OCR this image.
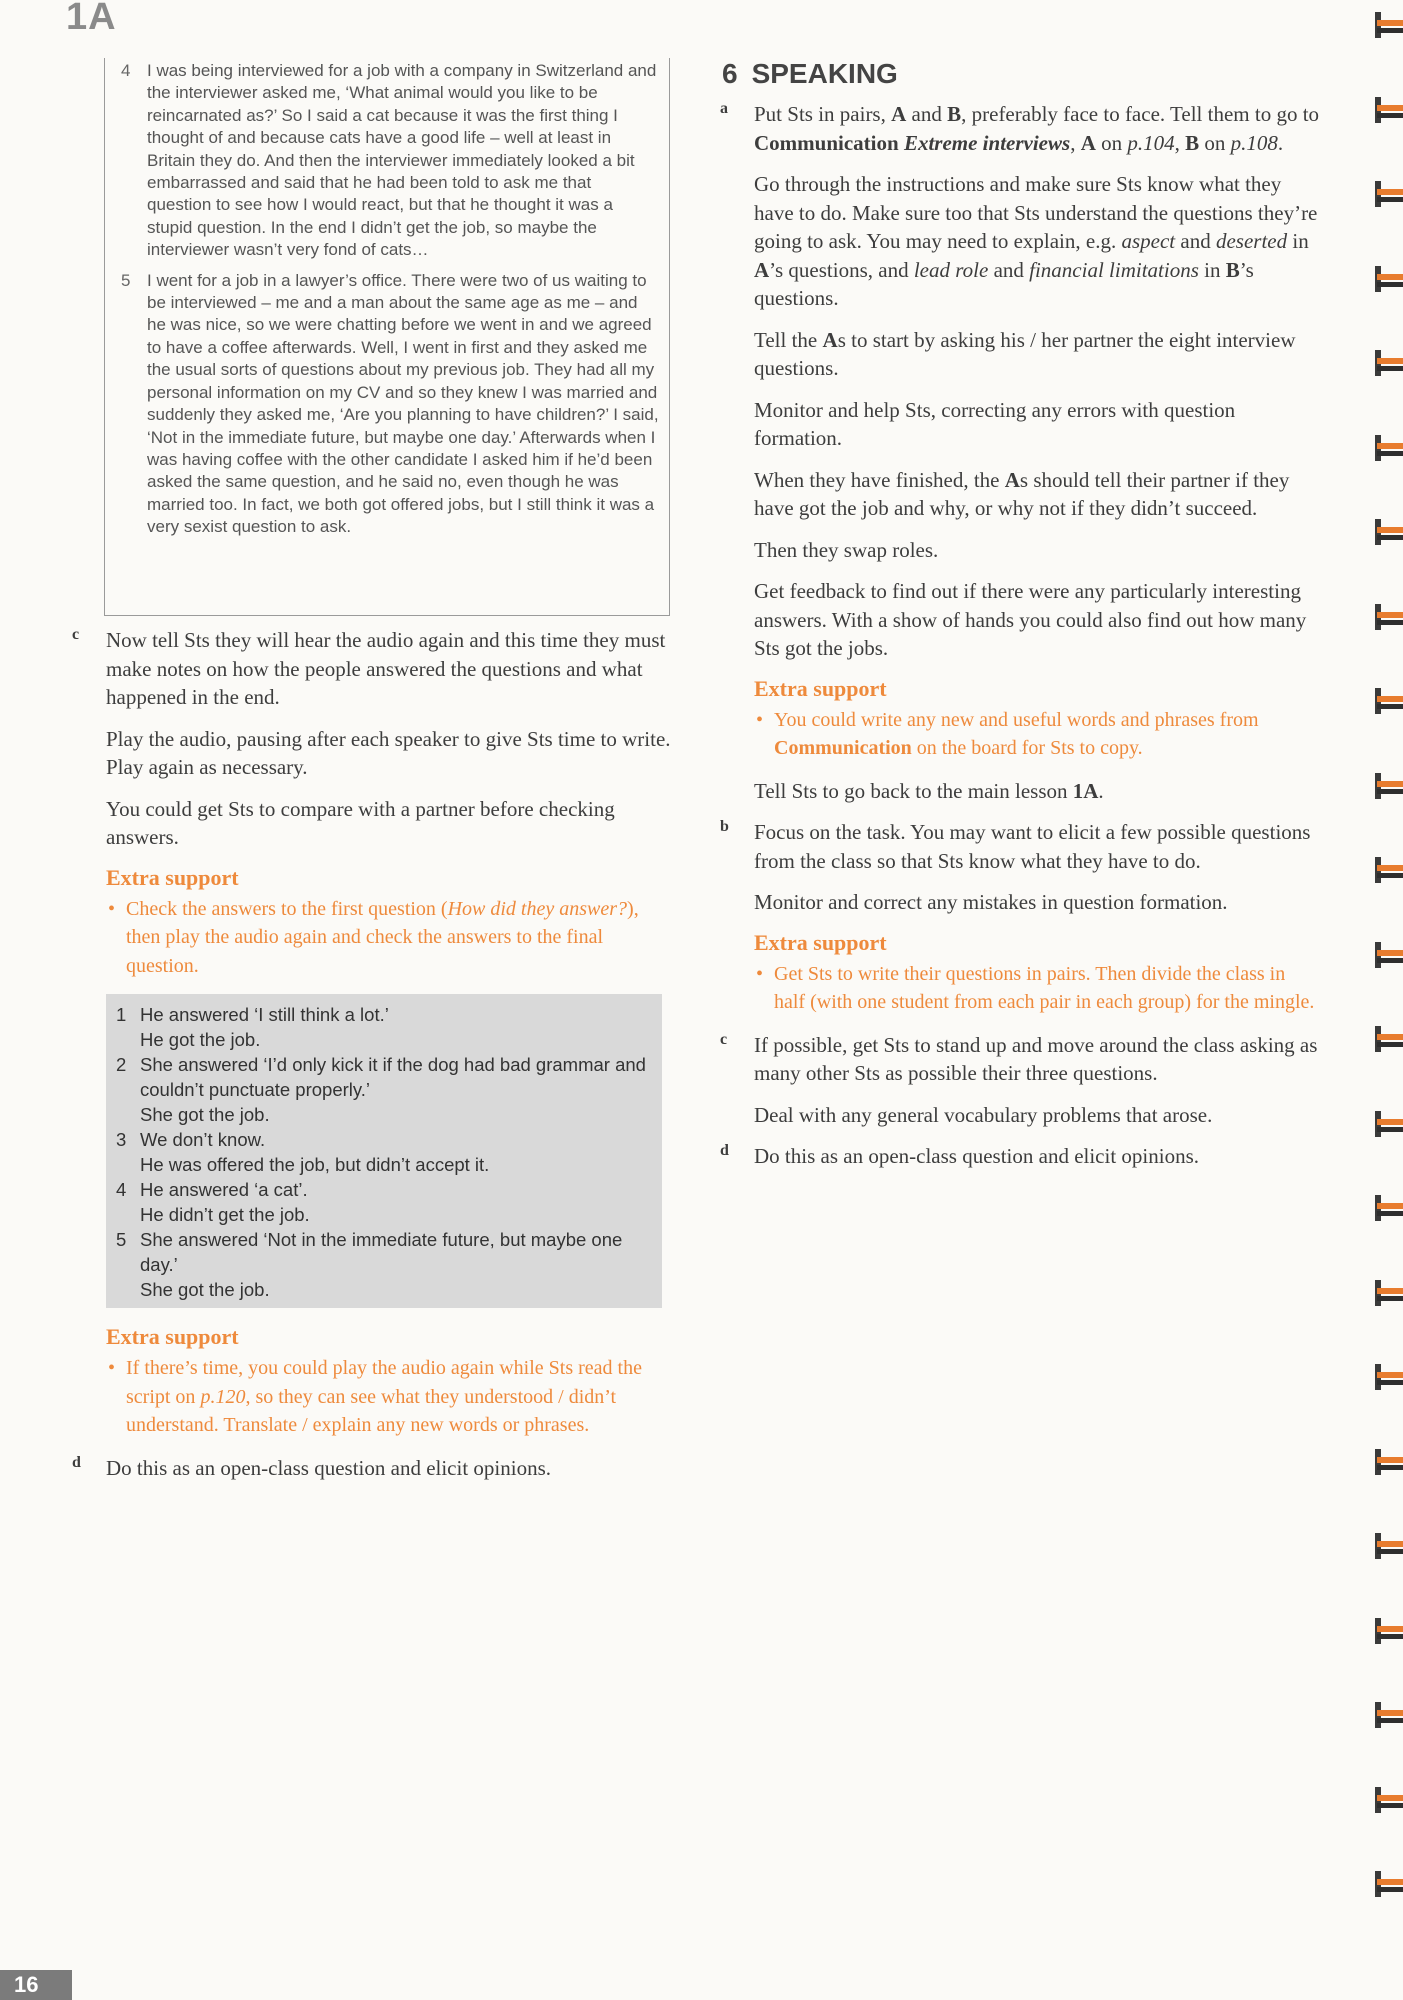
1A
4 I was being interviewed for a job with a company in Switzerland and the interviewer asked me, ‘What animal would you like to be reincarnated as?’ So I said a cat because it was the first thing I thought of and because cats have a good life – well at least in Britain they do. And then the interviewer immediately looked a bit embarrassed and said that he had been told to ask me that question to see how I would react, but that he thought it was a stupid question. In the end I didn’t get the job, so maybe the interviewer wasn’t very fond of cats…
5 I went for a job in a lawyer’s office. There were two of us waiting to be interviewed – me and a man about the same age as me – and he was nice, so we were chatting before we went in and we agreed to have a coffee afterwards. Well, I went in first and they asked me the usual sorts of questions about my previous job. They had all my personal information on my CV and so they knew I was married and suddenly they asked me, ‘Are you planning to have children?’ I said, ‘Not in the immediate future, but maybe one day.’ Afterwards when I was having coffee with the other candidate I asked him if he’d been asked the same question, and he said no, even though he was married too. In fact, we both got offered jobs, but I still think it was a very sexist question to ask.
c Now tell Sts they will hear the audio again and this time they must make notes on how the people answered the questions and what happened in the end.

Play the audio, pausing after each speaker to give Sts time to write. Play again as necessary.

You could get Sts to compare with a partner before checking answers.

Extra support

• Check the answers to the first question (How did they answer?), then play the audio again and check the answers to the final question.

1 He answered ‘I still think a lot.’
He got the job.
2 She answered ‘I’d only kick it if the dog had bad grammar and couldn’t punctuate properly.’
She got the job.
3 We don’t know.
He was offered the job, but didn’t accept it.
4 He answered ‘a cat’.
He didn’t get the job.
5 She answered ‘Not in the immediate future, but maybe one day.’
She got the job.
Extra support

• If there’s time, you could play the audio again while Sts read the script on p.120, so they can see what they understood / didn’t understand. Translate / explain any new words or phrases.

d Do this as an open-class question and elicit opinions.

6 SPEAKING
a Put Sts in pairs, A and B, preferably face to face. Tell them to go to Communication Extreme interviews, A on p.104, B on p.108.

Go through the instructions and make sure Sts know what they have to do. Make sure too that Sts understand the questions they’re going to ask. You may need to explain, e.g. aspect and deserted in A’s questions, and lead role and financial limitations in B’s questions.

Tell the As to start by asking his / her partner the eight interview questions.

Monitor and help Sts, correcting any errors with question formation.

When they have finished, the As should tell their partner if they have got the job and why, or why not if they didn’t succeed.

Then they swap roles.

Get feedback to find out if there were any particularly interesting answers. With a show of hands you could also find out how many Sts got the jobs.

Extra support

• You could write any new and useful words and phrases from Communication on the board for Sts to copy.

Tell Sts to go back to the main lesson 1A.

b Focus on the task. You may want to elicit a few possible questions from the class so that Sts know what they have to do.

Monitor and correct any mistakes in question formation.

Extra support

• Get Sts to write their questions in pairs. Then divide the class in half (with one student from each pair in each group) for the mingle.

c If possible, get Sts to stand up and move around the class asking as many other Sts as possible their three questions.

Deal with any general vocabulary problems that arose.

d Do this as an open-class question and elicit opinions.

16
